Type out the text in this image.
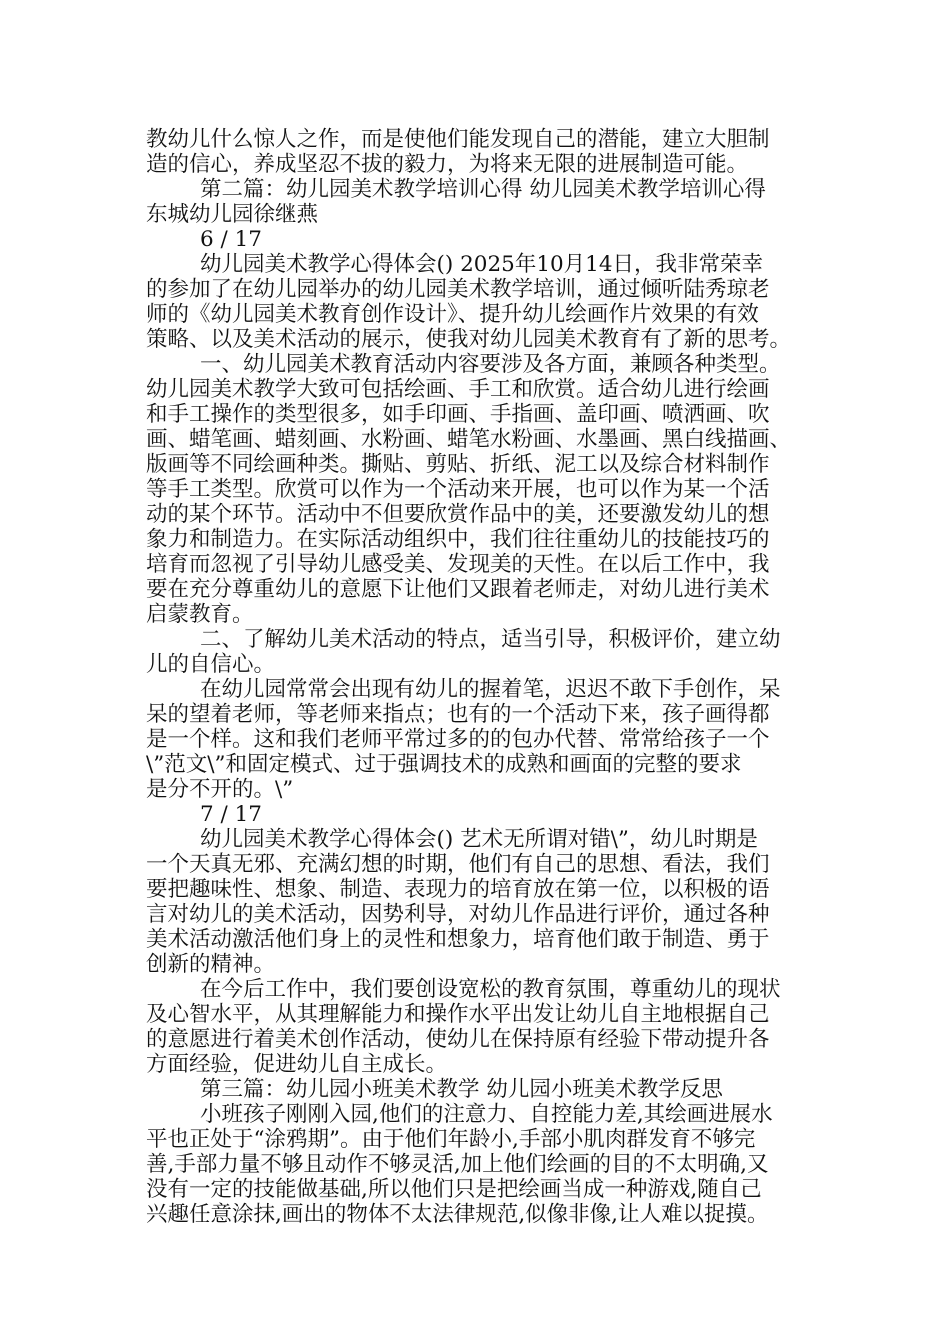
教幼儿什么惊人之作，而是使他们能发现自己的潜能，建立大胆制
造的信心，养成坚忍不拔的毅力，为将来无限的进展制造可能。
第二篇：幼儿园美术教学培训心得 幼儿园美术教学培训心得
东城幼儿园徐继燕
6 / 17
幼儿园美术教学心得体会() 2025年10月14日，我非常荣幸
的参加了在幼儿园举办的幼儿园美术教学培训，通过倾听陆秀琼老
师的《幼儿园美术教育创作设计》、提升幼儿绘画作片效果的有效
策略、以及美术活动的展示，使我对幼儿园美术教育有了新的思考。
一、幼儿园美术教育活动内容要涉及各方面，兼顾各种类型。
幼儿园美术教学大致可包括绘画、手工和欣赏。适合幼儿进行绘画
和手工操作的类型很多，如手印画、手指画、盖印画、喷洒画、吹
画、蜡笔画、蜡刻画、水粉画、蜡笔水粉画、水墨画、黑白线描画、
版画等不同绘画种类。撕贴、剪贴、折纸、泥工以及综合材料制作
等手工类型。欣赏可以作为一个活动来开展，也可以作为某一个活
动的某个环节。活动中不但要欣赏作品中的美，还要激发幼儿的想
象力和制造力。在实际活动组织中，我们往往重幼儿的技能技巧的
培育而忽视了引导幼儿感受美、发现美的天性。在以后工作中，我
要在充分尊重幼儿的意愿下让他们又跟着老师走，对幼儿进行美术
启蒙教育。
二、了解幼儿美术活动的特点，适当引导，积极评价，建立幼
儿的自信心。
在幼儿园常常会出现有幼儿的握着笔，迟迟不敢下手创作，呆
呆的望着老师，等老师来指点；也有的一个活动下来，孩子画得都
是一个样。这和我们老师平常过多的的包办代替、常常给孩子一个
\”范文\”和固定模式、过于强调技术的成熟和画面的完整的要求
是分不开的。\”
7 / 17
幼儿园美术教学心得体会() 艺术无所谓对错\”，幼儿时期是
一个天真无邪、充满幻想的时期，他们有自己的思想、看法，我们
要把趣味性、想象、制造、表现力的培育放在第一位，以积极的语
言对幼儿的美术活动，因势利导，对幼儿作品进行评价，通过各种
美术活动激活他们身上的灵性和想象力，培育他们敢于制造、勇于
创新的精神。
在今后工作中，我们要创设宽松的教育氛围，尊重幼儿的现状
及心智水平，从其理解能力和操作水平出发让幼儿自主地根据自己
的意愿进行着美术创作活动，使幼儿在保持原有经验下带动提升各
方面经验，促进幼儿自主成长。
第三篇：幼儿园小班美术教学 幼儿园小班美术教学反思
小班孩子刚刚入园,他们的注意力、自控能力差,其绘画进展水
平也正处于“涂鸦期”。由于他们年龄小,手部小肌肉群发育不够完
善,手部力量不够且动作不够灵活,加上他们绘画的目的不太明确,又
没有一定的技能做基础,所以他们只是把绘画当成一种游戏,随自己
兴趣任意涂抹,画出的物体不太法律规范,似像非像,让人难以捉摸。
